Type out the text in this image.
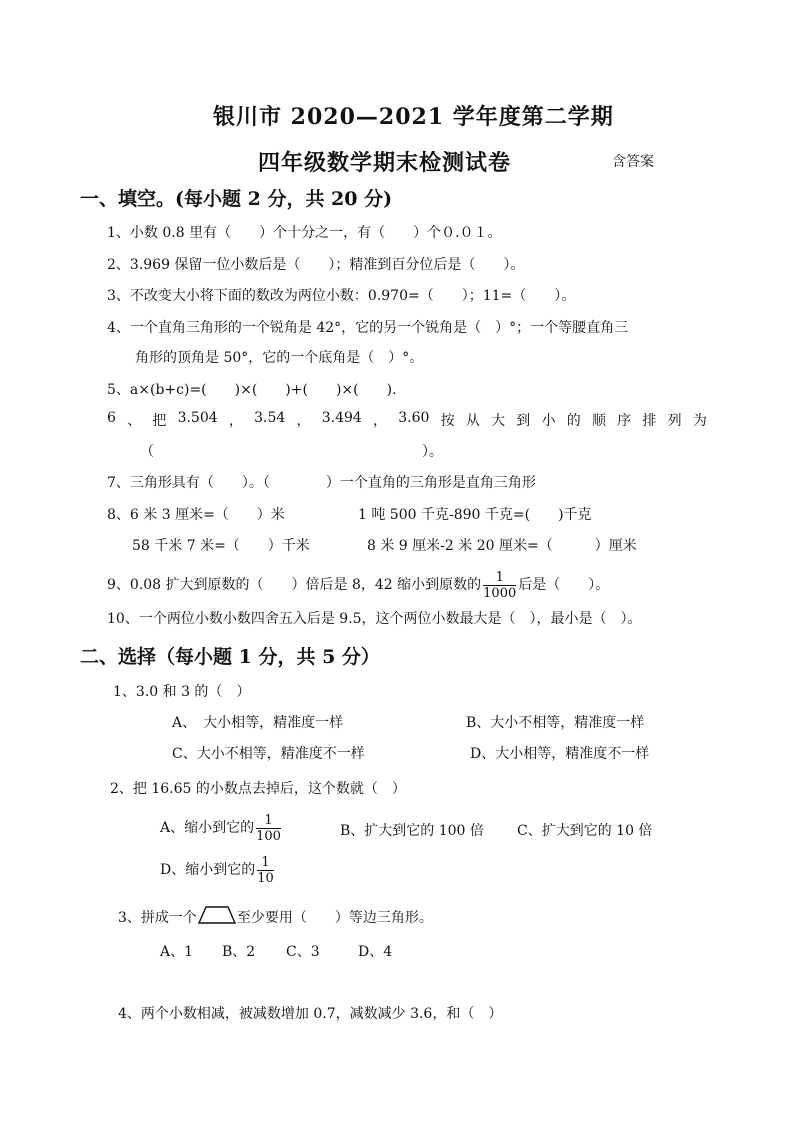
银川市 2020—2021 学年度第二学期
四年级数学期末检测试卷	含答案
一、填空。(每小题 2 分，共 20 分)
1、小数 0.8 里有（　　）个十分之一，有（　　）个０.０１。
2、3.969 保留一位小数后是（　　）；精准到百分位后是（　　）。
3、不改变大小将下面的数改为两位小数：0.970=（　　）；11=（　　）。
4、一个直角三角形的一个锐角是 42°，它的另一个锐角是（　）°；一个等腰直角三
角形的顶角是 50°，它的一个底角是（　）°。
5、a×(b+c)=(　　)×(　　)+(　　)×(　　).
6 、 把 3.504 ， 3.54 ， 3.494 ， 3.60 按 从 大 到 小 的 顺 序 排 列 为
（	）。
7、三角形具有（　　）。（　　　　）一个直角的三角形是直角三角形
8、6 米 3 厘米=（　　）米	1 吨 500 千克-890 千克=(　　)千克
58 千米 7 米=（　　）千米	8 米 9 厘米-2 米 20 厘米=（　　　）厘米
9、0.08 扩大到原数的（　　）倍后是 8，42 缩小到原数的 $\frac{1}{1000}$ 后是（　　）。
10、一个两位小数小数四舍五入后是 9.5，这个两位小数最大是（　），最小是（　）。
二、选择（每小题 1 分，共 5 分）
1、3.0 和 3 的（　）
A、　大小相等，精准度一样	B、大小不相等，精准度一样
C、大小不相等，精准度不一样	D、大小相等，精准度不一样
2、把 16.65 的小数点去掉后，这个数就（　）
A、缩小到它的 $\frac{1}{100}$	B、扩大到它的 100 倍 C、扩大到它的 10 倍
D、缩小到它的 $\frac{1}{10}$
3、拼成一个	至少要用（　　）等边三角形。
A、1 B、2 C、3	D、4
4、两个小数相减，被减数增加 0.7，减数减少 3.6，和（　）
